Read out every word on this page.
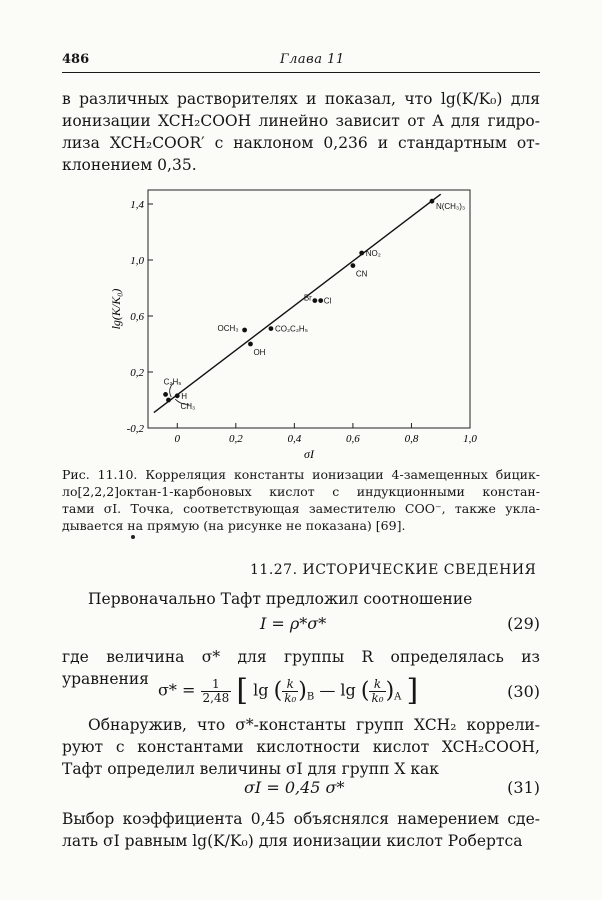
486	Глава 11
в различных растворителях и показал, что lg(K/K₀) для
ионизации XCH₂COOH линейно зависит от A для гидро-
лиза XCH₂COOR′ с наклоном 0,236 и стандартным от-
клонением 0,35.
0	0,2	0,4	0,6	0,8	1,0
-0,2
0,2
0,6
1,0
1,4	N(CH₃)₃
NO₂
CN
Br Cl
OCH₃	CO₂C₂H₅
OH
C₂H₅
H
CH₃
σI
lg(K/K₀)
Рис. 11.10. Корреляция константы ионизации 4-замещенных бицик-
ло[2,2,2]октан-1-карбоновых кислот с индукционными констан-
тами σI. Точка, соответствующая заместителю COO⁻, также укла-
дывается на прямую (на рисунке не показана) [69].
11.27. ИСТОРИЧЕСКИЕ СВЕДЕНИЯ
Первоначально Тафт предложил соотношение
I = ρ*σ*	(29)
где величина σ* для группы R определялась из уравнения
$\sigma* = \frac{1}{2,48}$ [ lg ( $\frac{k}{\text{k₀}} )_B$ — lg ( $\frac{k}{\text{k₀}} )_A$ ]	(30)
Обнаружив, что σ*-константы групп XCH₂ коррели-
руют с константами кислотности кислот XCH₂COOH,
Тафт определил величины σI для групп X как
σI = 0,45 σ*	(31)
Выбор коэффициента 0,45 объяснялся намерением сде-
лать σI равным lg(K/K₀) для ионизации кислот Робертса
